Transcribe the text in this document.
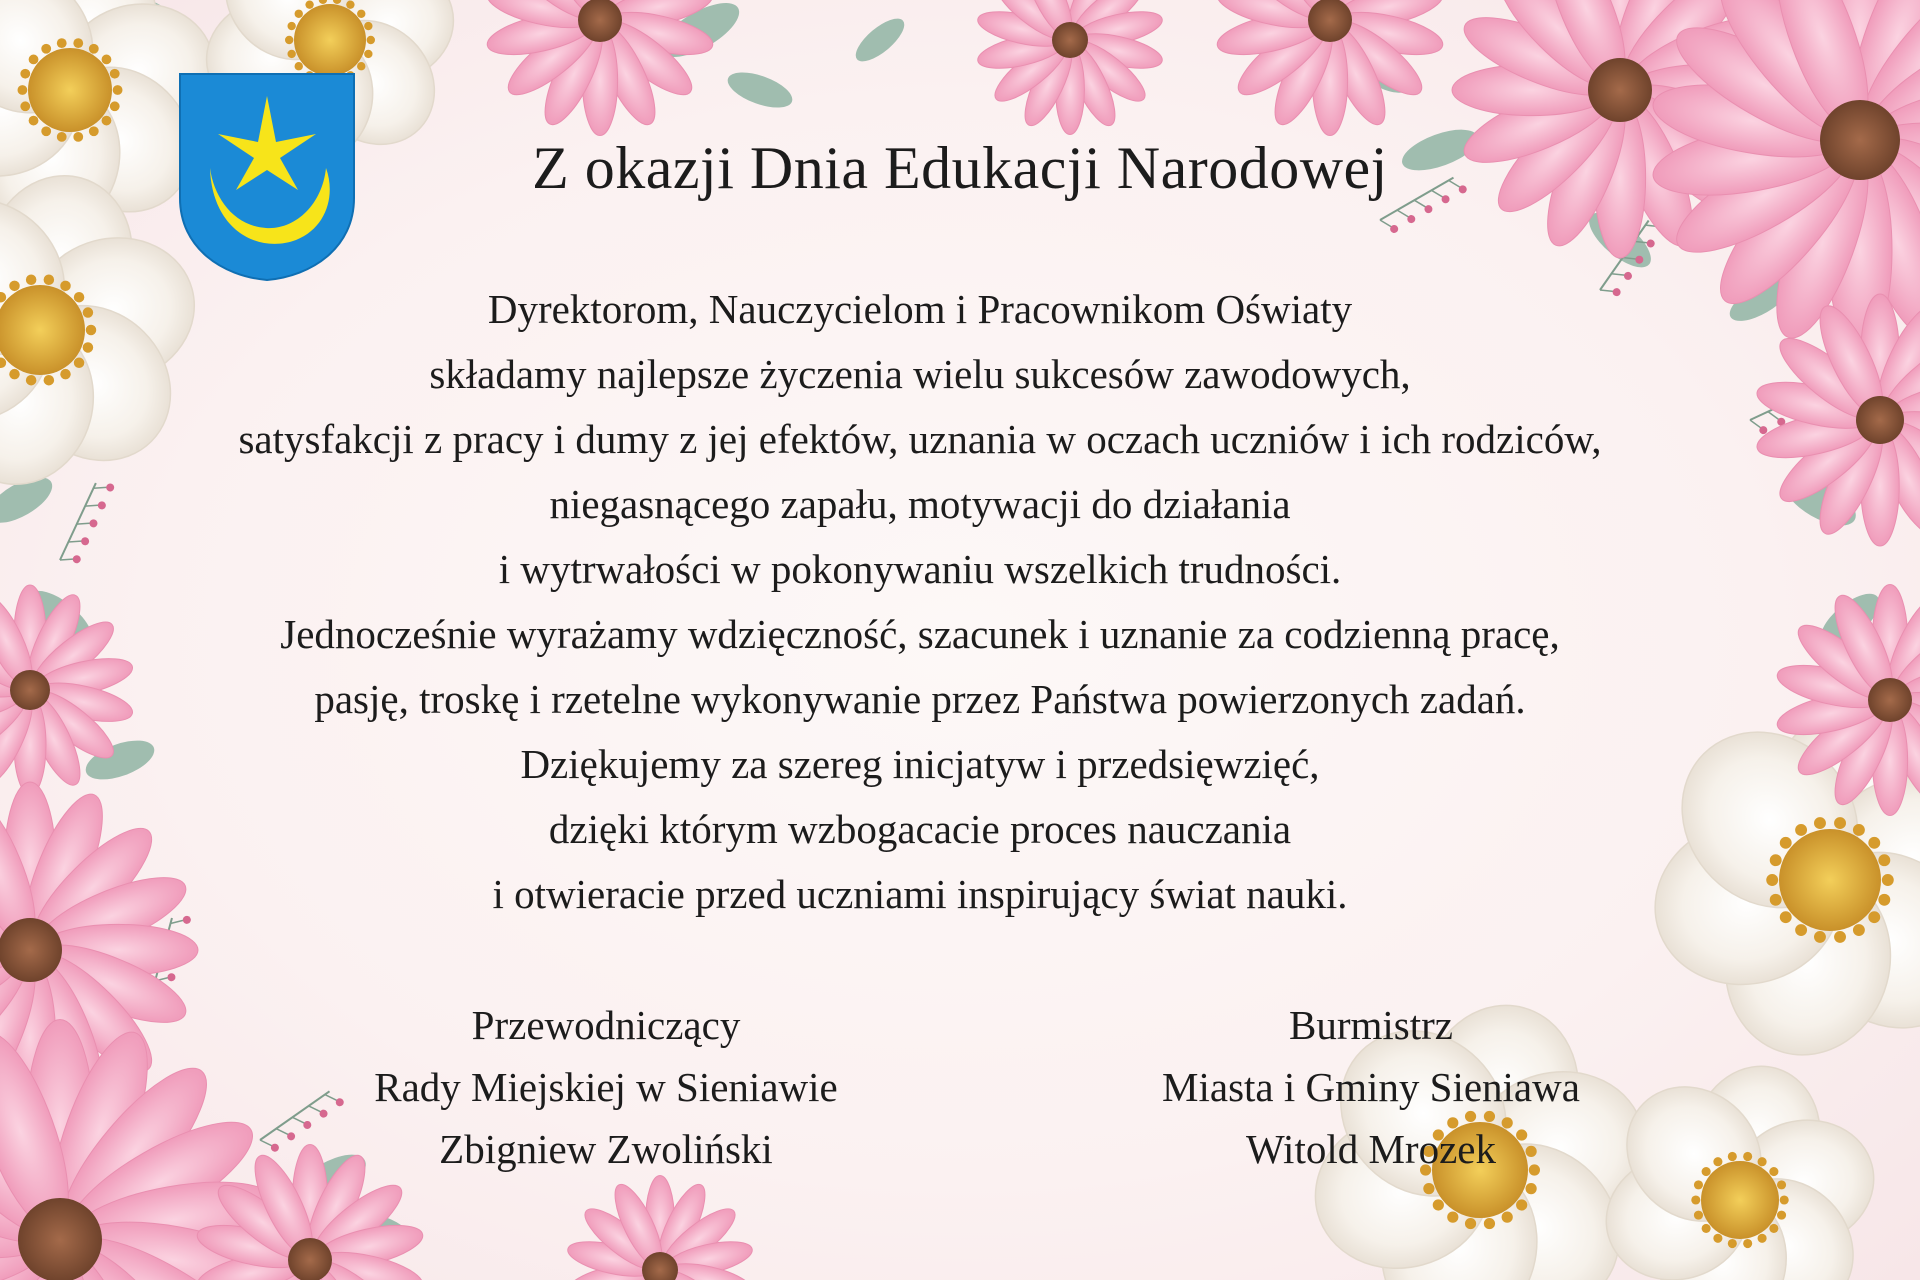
Z okazji Dnia Edukacji Narodowej
Dyrektorom, Nauczycielom i Pracownikom Oświaty
składamy najlepsze życzenia wielu sukcesów zawodowych,
satysfakcji z pracy i dumy z jej efektów, uznania w oczach uczniów i ich rodziców,
niegasnącego zapału, motywacji do działania
i wytrwałości w pokonywaniu wszelkich trudności.
Jednocześnie wyrażamy wdzięczność, szacunek i uznanie za codzienną pracę,
pasję, troskę i rzetelne wykonywanie przez Państwa powierzonych zadań.
Dziękujemy za szereg inicjatyw i przedsięwzięć,
dzięki którym wzbogacacie proces nauczania
i otwieracie przed uczniami inspirujący świat nauki.
Przewodniczący
Rady Miejskiej w Sieniawie
Zbigniew Zwoliński
Burmistrz
Miasta i Gminy Sieniawa
Witold Mrozek
